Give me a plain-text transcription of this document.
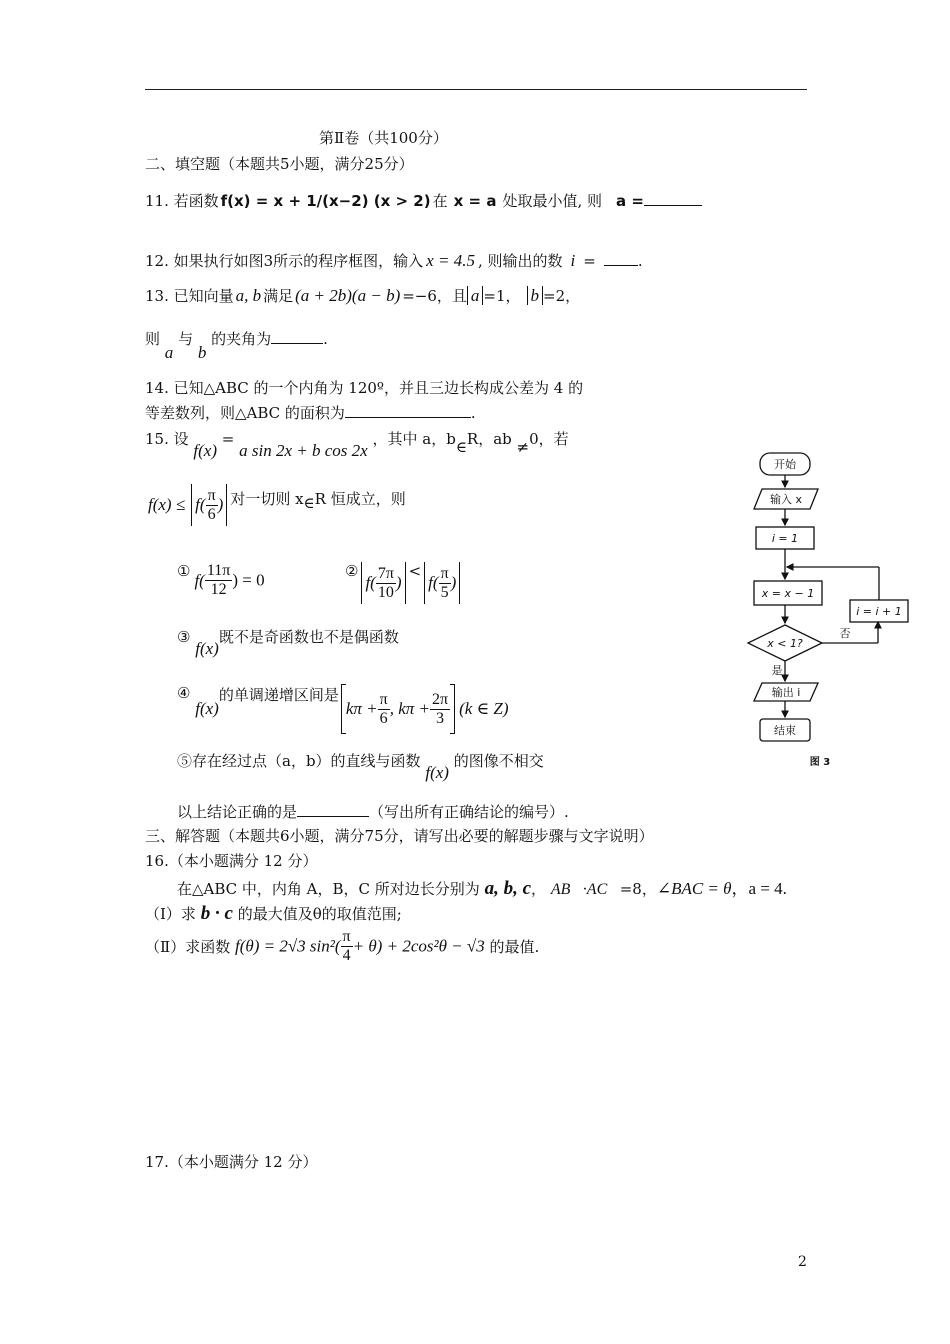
第Ⅱ卷（共100分）
二、填空题（本题共5小题，满分25分）
11. 若函数 f(x) = x + 1/(x−2) (x > 2) 在 x = a 处取最小值, 则 a =
12. 如果执行如图3所示的程序框图，输入 x = 4.5 , 则输出的数 i =	.
13. 已知向量 a, b 满足 (a + 2b)(a − b) =−6，且 a =1， b =2，
则 a 与 b 的夹角为	.
14. 已知△ABC 的一个内角为 120º，并且三边长构成公差为 4 的
等差数列，则△ABC 的面积为	.
15. 设 f(x) = a sin 2x + b cos 2x ，其中 a，b∈R，ab ≠0，若
$f(x) \le f( \frac{\pi}{6}$ ) 对一切则 x∈R 恒成立，则
① $f( \frac{11\pi}{12}$ ) = 0	②f( $\frac{7\pi}{10} )<f( \frac{\pi}{5}$ )
③ f(x)既不是奇函数也不是偶函数
④ f(x)的单调递增区间是$k\pi + \frac{\pi}{6}$ , $k\pi + \frac{2\pi}{3} (k$ ∈ Z)
⑤存在经过点（a，b）的直线与函数 f(x) 的图像不相交
以上结论正确的是	（写出所有正确结论的编号）.
三、解答题（本题共6小题，满分75分，请写出必要的解题步骤与文字说明）
16.（本小题满分 12 分）
在△ABC 中，内角 A，B，C 所对边长分别为 a, b, c， AB⃗·AC⃗=8，∠BAC = θ，a = 4.
（Ⅰ）求 b · c 的最大值及θ的取值范围;
（Ⅱ）求函数 f(θ) = 2√3 $\sin^2( \frac{\pi}{4} + \theta) + 2\cos^2\theta - √3$ 的最值.
17.（本小题满分 12 分）
开始
输入 x
i = 1
x = x − 1
x < 1?
否
i = i + 1
是
输出 i
结束
图 3
2
